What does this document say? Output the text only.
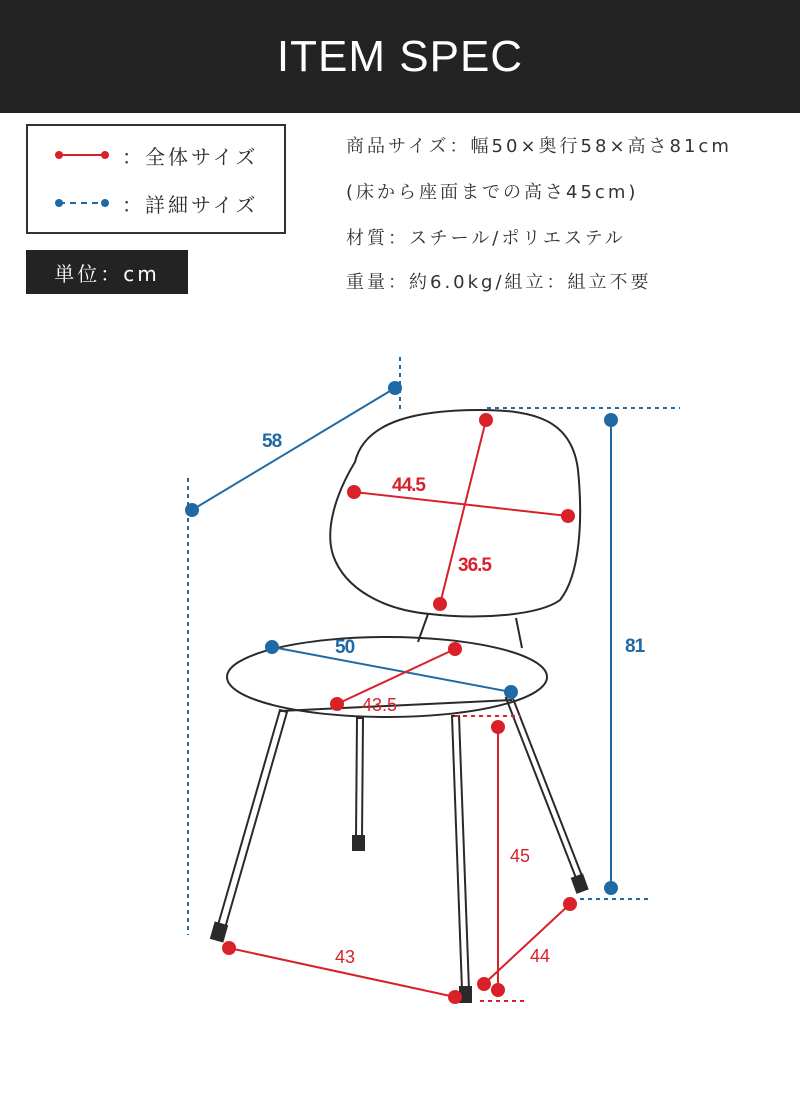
ITEM SPEC
：全体サイズ
：詳細サイズ
単位：cm
商品サイズ：幅50×奥行58×高さ81cm
(床から座面までの高さ45cm)
材質：スチール/ポリエステル
重量：約6.0kg/組立：組立不要
58
44.5
36.5
50
43.5
81
45
43	44
